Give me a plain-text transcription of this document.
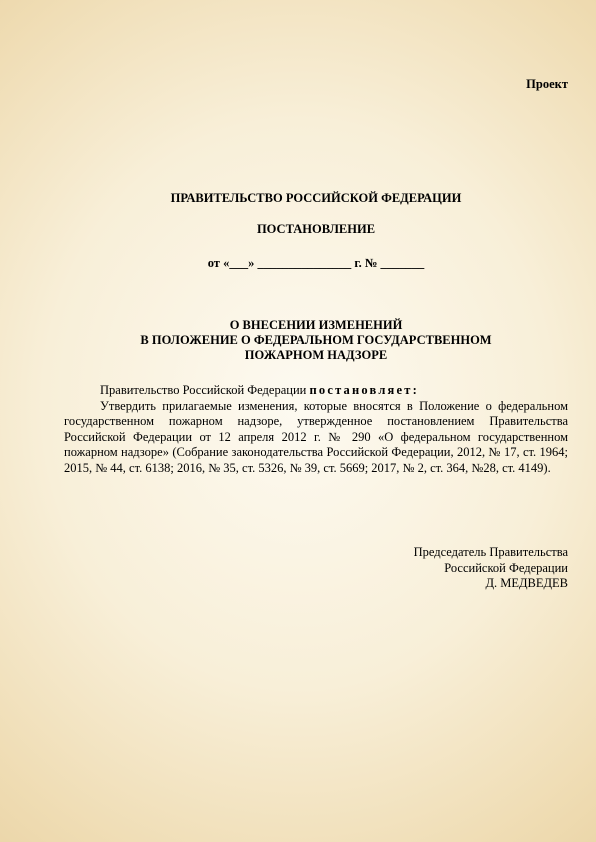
Проект
ПРАВИТЕЛЬСТВО РОССИЙСКОЙ ФЕДЕРАЦИИ
ПОСТАНОВЛЕНИЕ
от «___» _______________ г. № _______
О ВНЕСЕНИИ ИЗМЕНЕНИЙ
В ПОЛОЖЕНИЕ О ФЕДЕРАЛЬНОМ ГОСУДАРСТВЕННОМ
ПОЖАРНОМ НАДЗОРЕ

Правительство Российской Федерации постановляет:

Утвердить прилагаемые изменения, которые вносятся в Положение о федеральном государственном пожарном надзоре, утвержденное постановлением Правительства Российской Федерации от 12 апреля 2012 г. № 290 «О федеральном государственном пожарном надзоре» (Собрание законодательства Российской Федерации, 2012, № 17, ст. 1964; 2015, № 44, ст. 6138; 2016, № 35, ст. 5326, № 39, ст. 5669; 2017, № 2, ст. 364, №28, ст. 4149).

Председатель Правительства
Российской Федерации
Д. МЕДВЕДЕВ
